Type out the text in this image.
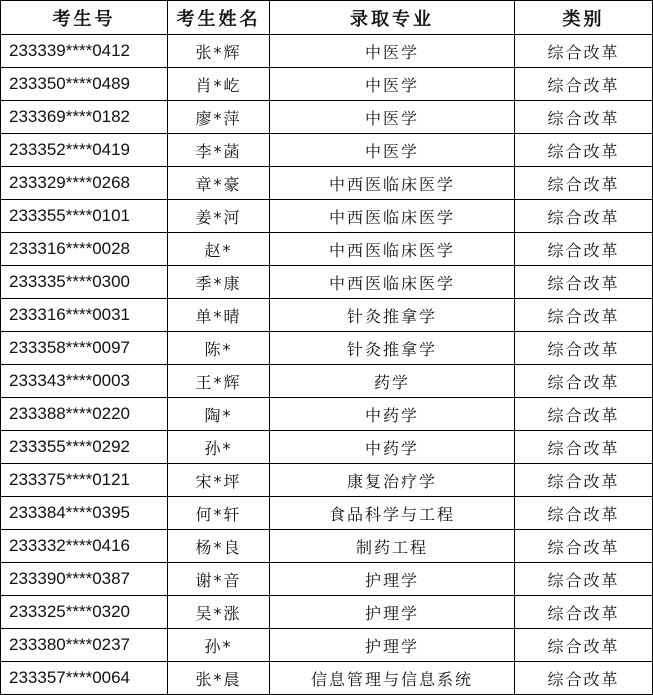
考生号	考生姓名	录取专业	类别
233339****0412	张*辉	中医学	综合改革
233350****0489	肖*屹	中医学	综合改革
233369****0182	廖*萍	中医学	综合改革
233352****0419	李*菡	中医学	综合改革
233329****0268	章*豪	中西医临床医学	综合改革
233355****0101	姜*河	中西医临床医学	综合改革
233316****0028	赵*	中西医临床医学	综合改革
233335****0300	季*康	中西医临床医学	综合改革
233316****0031	单*晴	针灸推拿学	综合改革
233358****0097	陈*	针灸推拿学	综合改革
233343****0003	王*辉	药学	综合改革
233388****0220	陶*	中药学	综合改革
233355****0292	孙*	中药学	综合改革
233375****0121	宋*坪	康复治疗学	综合改革
233384****0395	何*轩	食品科学与工程	综合改革
233332****0416	杨*良	制药工程	综合改革
233390****0387	谢*音	护理学	综合改革
233325****0320	吴*涨	护理学	综合改革
233380****0237	孙*	护理学	综合改革
233357****0064	张*晨	信息管理与信息系统	综合改革
